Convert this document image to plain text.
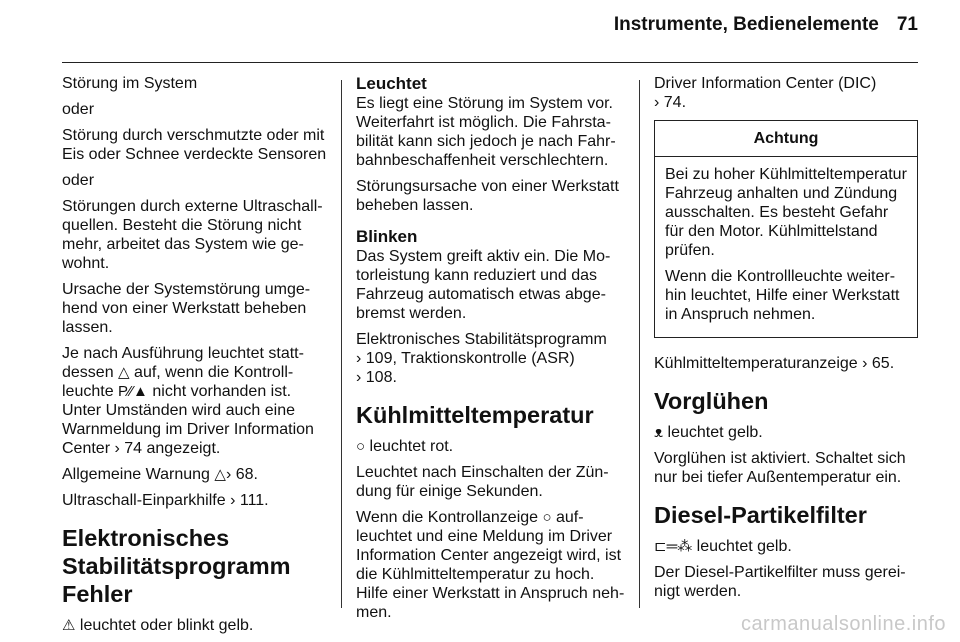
Instrumente, Bedienelemente 71

Störung im System

oder

Störung durch verschmutzte oder mit
Eis oder Schnee verdeckte Sensoren

oder

Störungen durch externe Ultraschall-
quellen. Besteht die Störung nicht
mehr, arbeitet das System wie ge-
wohnt.

Ursache der Systemstörung umge-
hend von einer Werkstatt beheben
lassen.

Je nach Ausführung leuchtet statt-
dessen △ auf, wenn die Kontroll-
leuchte P⁄⁄▲ nicht vorhanden ist.
Unter Umständen wird auch eine
Warnmeldung im Driver Information
Center › 74 angezeigt.

Allgemeine Warnung △› 68.

Ultraschall-Einparkhilfe › 111.

Elektronisches
Stabilitätsprogramm
Fehler

⚠ leuchtet oder blinkt gelb.

Leuchtet

Es liegt eine Störung im System vor.
Weiterfahrt ist möglich. Die Fahrsta-
bilität kann sich jedoch je nach Fahr-
bahnbeschaffenheit verschlechtern.

Störungsursache von einer Werkstatt
beheben lassen.

Blinken

Das System greift aktiv ein. Die Mo-
torleistung kann reduziert und das
Fahrzeug automatisch etwas abge-
bremst werden.

Elektronisches Stabilitätsprogramm
› 109, Traktionskontrolle (ASR)
› 108.

Kühlmitteltemperatur

○ leuchtet rot.

Leuchtet nach Einschalten der Zün-
dung für einige Sekunden.

Wenn die Kontrollanzeige ○ auf-
leuchtet und eine Meldung im Driver
Information Center angezeigt wird, ist
die Kühlmitteltemperatur zu hoch.
Hilfe einer Werkstatt in Anspruch neh-
men.

Driver Information Center (DIC)
› 74.

Achtung

Bei zu hoher Kühlmitteltemperatur
Fahrzeug anhalten und Zündung
ausschalten. Es besteht Gefahr
für den Motor. Kühlmittelstand
prüfen.

Wenn die Kontrollleuchte weiter-
hin leuchtet, Hilfe einer Werkstatt
in Anspruch nehmen.

Kühlmitteltemperaturanzeige › 65.

Vorglühen

ᴥ leuchtet gelb.

Vorglühen ist aktiviert. Schaltet sich
nur bei tiefer Außentemperatur ein.

Diesel-Partikelfilter

⊏═⁂ leuchtet gelb.

Der Diesel-Partikelfilter muss gerei-
nigt werden.

carmanualsonline.info
